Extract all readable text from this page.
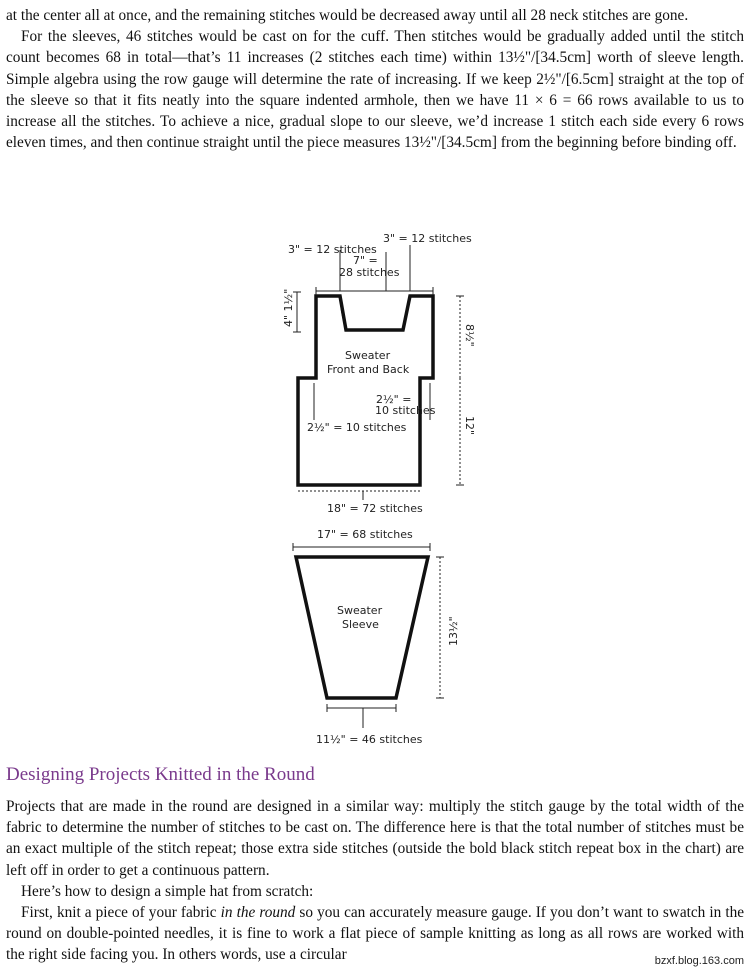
at the center all at once, and the remaining stitches would be decreased away until all 28 neck stitches are gone.

For the sleeves, 46 stitches would be cast on for the cuff. Then stitches would be gradually added until the stitch count becomes 68 in total—that’s 11 increases (2 stitches each time) within 13½"/[34.5cm] worth of sleeve length. Simple algebra using the row gauge will determine the rate of increasing. If we keep 2½"/[6.5cm] straight at the top of the sleeve so that it fits neatly into the square indented armhole, then we have 11 × 6 = 66 rows available to us to increase all the stitches. To achieve a nice, gradual slope to our sleeve, we’d increase 1 stitch each side every 6 rows eleven times, and then continue straight until the piece measures 13½"/[34.5cm] from the beginning before binding off.

3" = 12 stitches
3" = 12 stitches
7" =
28 stitches
4" 1½"
8½"
Sweater
Front and Back
2½" =
10 stitches
2½" = 10 stitches	12"
18" = 72 stitches
17" = 68 stitches
Sweater
Sleeve	13½"
11½" = 46 stitches
Designing Projects Knitted in the Round

Projects that are made in the round are designed in a similar way: multiply the stitch gauge by the total width of the fabric to determine the number of stitches to be cast on. The difference here is that the total number of stitches must be an exact multiple of the stitch repeat; those extra side stitches (outside the bold black stitch repeat box in the chart) are left off in order to get a continuous pattern.

Here’s how to design a simple hat from scratch:

First, knit a piece of your fabric in the round so you can accurately measure gauge. If you don’t want to swatch in the round on double-pointed needles, it is fine to work a flat piece of sample knitting as long as all rows are worked with the right side facing you. In others words, use a circular	bzxf.blog.163.com
